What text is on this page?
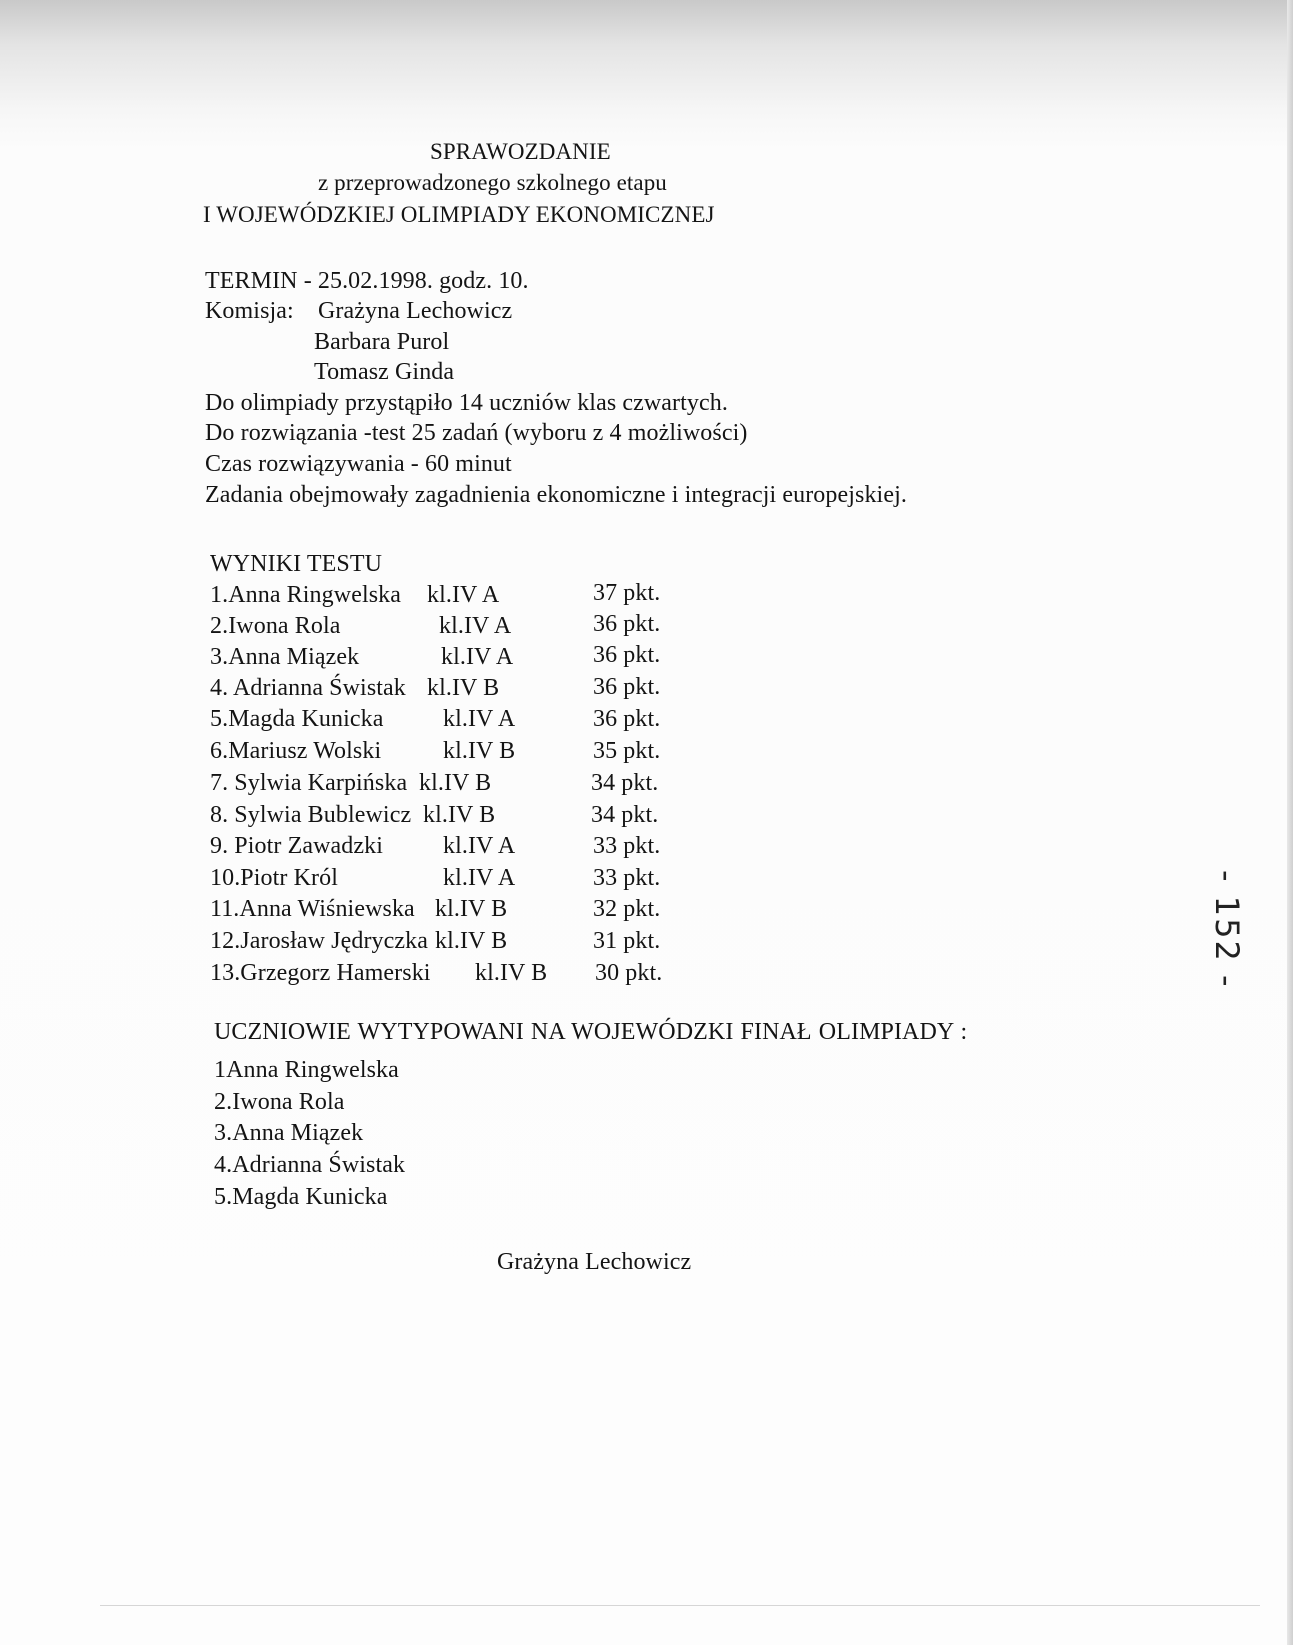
SPRAWOZDANIE
z przeprowadzonego szkolnego etapu
I WOJEWÓDZKIEJ OLIMPIADY EKONOMICZNEJ
TERMIN - 25.02.1998. godz. 10.
Komisja: Grażyna Lechowicz
Barbara Purol
Tomasz Ginda
Do olimpiady przystąpiło 14 uczniów klas czwartych.
Do rozwiązania -test 25 zadań (wyboru z 4 możliwości)
Czas rozwiązywania - 60 minut
Zadania obejmowały zagadnienia ekonomiczne i integracji europejskiej.
WYNIKI TESTU
1.Anna Ringwelska kl.IV A	37 pkt.
2.Iwona Rola	kl.IV A	36 pkt.
3.Anna Miązek	kl.IV A	36 pkt.
4. Adrianna Świstak kl.IV B	36 pkt.
5.Magda Kunicka kl.IV A	36 pkt.
6.Mariusz Wolski	kl.IV B	35 pkt.
7. Sylwia Karpińska kl.IV B	34 pkt.
8. Sylwia Bublewicz kl.IV B	34 pkt.
9. Piotr Zawadzki	kl.IV A	33 pkt.
10.Piotr Król	kl.IV A	33 pkt.
11.Anna Wiśniewska kl.IV B	32 pkt.
12.Jarosław Jędryczka kl.IV B	31 pkt.
13.Grzegorz Hamerski kl.IV B 30 pkt.
UCZNIOWIE WYTYPOWANI NA WOJEWÓDZKI FINAŁ OLIMPIADY :
1Anna Ringwelska
2.Iwona Rola
3.Anna Miązek
4.Adrianna Świstak
5.Magda Kunicka
Grażyna Lechowicz
- 152 -
